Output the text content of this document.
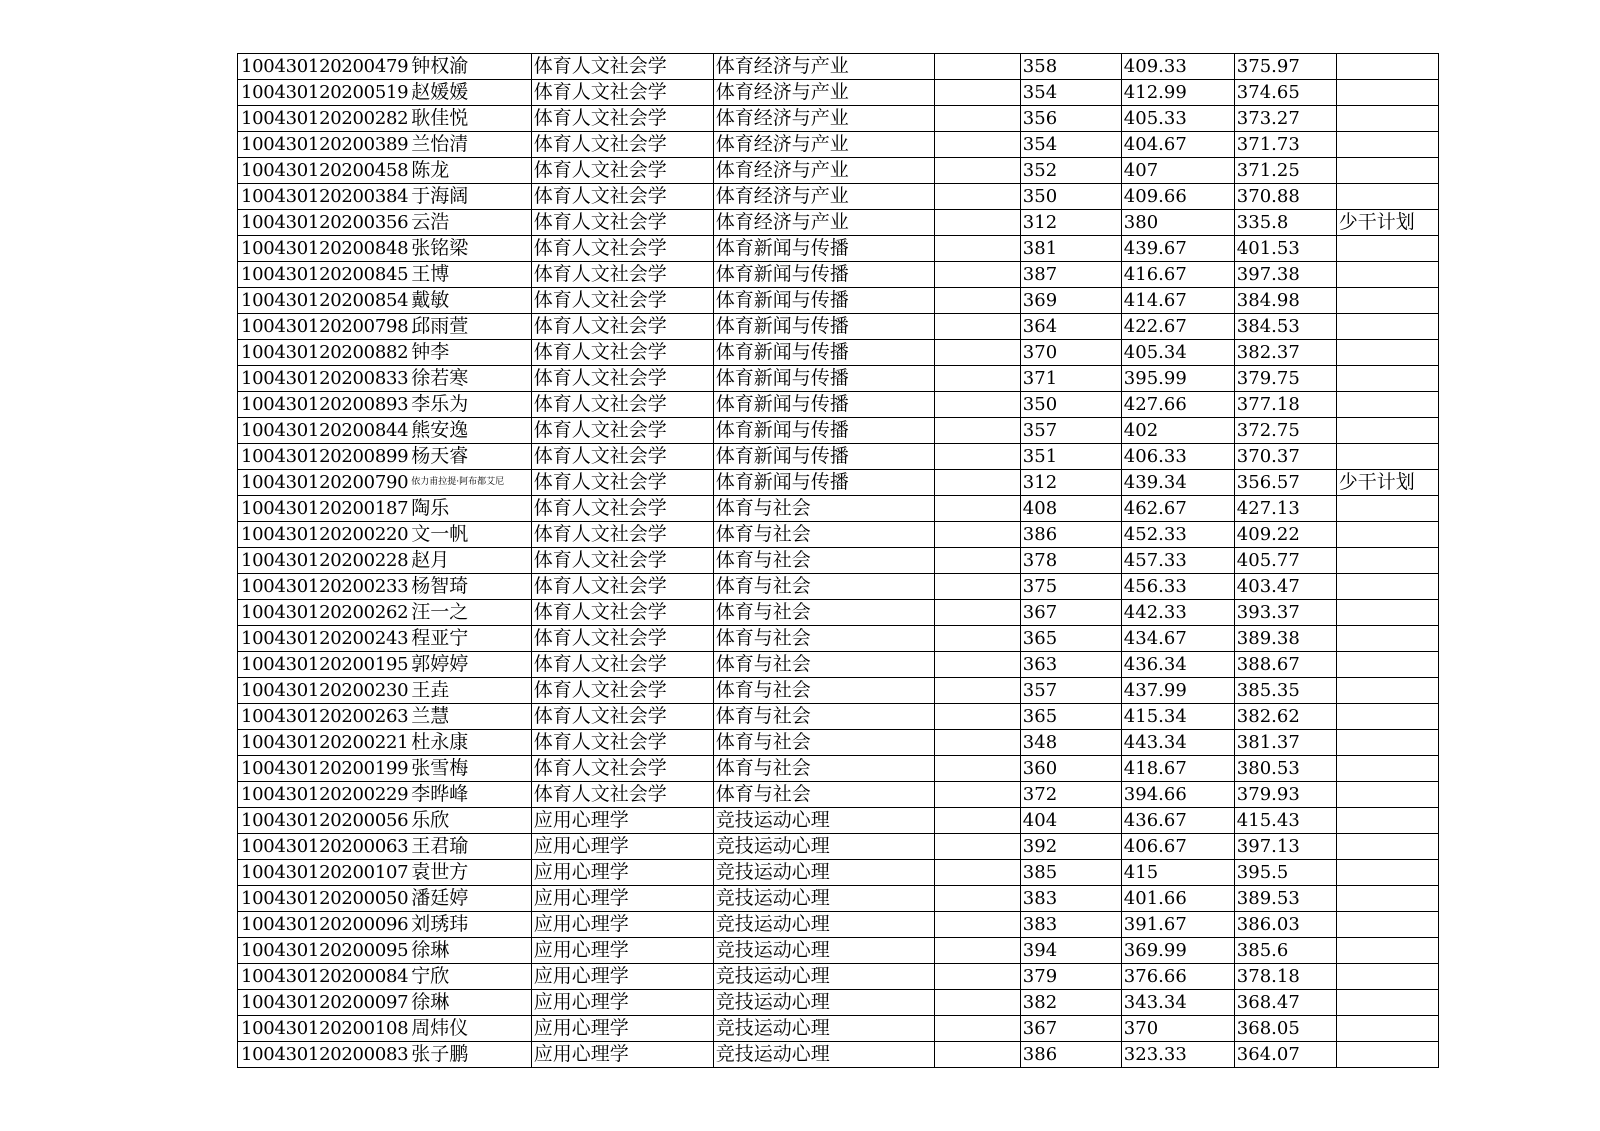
100430120200479	钟权渝	体育人文社会学	体育经济与产业		358	409.33	375.97	
100430120200519	赵媛媛	体育人文社会学	体育经济与产业		354	412.99	374.65	
100430120200282	耿佳悦	体育人文社会学	体育经济与产业		356	405.33	373.27	
100430120200389	兰怡清	体育人文社会学	体育经济与产业		354	404.67	371.73	
100430120200458	陈龙	体育人文社会学	体育经济与产业		352	407	371.25	
100430120200384	于海阔	体育人文社会学	体育经济与产业		350	409.66	370.88	
100430120200356	云浩	体育人文社会学	体育经济与产业		312	380	335.8	少干计划
100430120200848	张铭梁	体育人文社会学	体育新闻与传播		381	439.67	401.53	
100430120200845	王博	体育人文社会学	体育新闻与传播		387	416.67	397.38	
100430120200854	戴敏	体育人文社会学	体育新闻与传播		369	414.67	384.98	
100430120200798	邱雨萱	体育人文社会学	体育新闻与传播		364	422.67	384.53	
100430120200882	钟李	体育人文社会学	体育新闻与传播		370	405.34	382.37	
100430120200833	徐若寒	体育人文社会学	体育新闻与传播		371	395.99	379.75	
100430120200893	李乐为	体育人文社会学	体育新闻与传播		350	427.66	377.18	
100430120200844	熊安逸	体育人文社会学	体育新闻与传播		357	402	372.75	
100430120200899	杨天睿	体育人文社会学	体育新闻与传播		351	406.33	370.37	
100430120200790	依力甫拉提·阿布都艾尼	体育人文社会学	体育新闻与传播		312	439.34	356.57	少干计划
100430120200187	陶乐	体育人文社会学	体育与社会		408	462.67	427.13	
100430120200220	文一帆	体育人文社会学	体育与社会		386	452.33	409.22	
100430120200228	赵月	体育人文社会学	体育与社会		378	457.33	405.77	
100430120200233	杨智琦	体育人文社会学	体育与社会		375	456.33	403.47	
100430120200262	汪一之	体育人文社会学	体育与社会		367	442.33	393.37	
100430120200243	程亚宁	体育人文社会学	体育与社会		365	434.67	389.38	
100430120200195	郭婷婷	体育人文社会学	体育与社会		363	436.34	388.67	
100430120200230	王垚	体育人文社会学	体育与社会		357	437.99	385.35	
100430120200263	兰慧	体育人文社会学	体育与社会		365	415.34	382.62	
100430120200221	杜永康	体育人文社会学	体育与社会		348	443.34	381.37	
100430120200199	张雪梅	体育人文社会学	体育与社会		360	418.67	380.53	
100430120200229	李晔峰	体育人文社会学	体育与社会		372	394.66	379.93	
100430120200056	乐欣	应用心理学	竞技运动心理		404	436.67	415.43	
100430120200063	王君瑜	应用心理学	竞技运动心理		392	406.67	397.13	
100430120200107	袁世方	应用心理学	竞技运动心理		385	415	395.5	
100430120200050	潘廷婷	应用心理学	竞技运动心理		383	401.66	389.53	
100430120200096	刘琇玮	应用心理学	竞技运动心理		383	391.67	386.03	
100430120200095	徐琳	应用心理学	竞技运动心理		394	369.99	385.6	
100430120200084	宁欣	应用心理学	竞技运动心理		379	376.66	378.18	
100430120200097	徐琳	应用心理学	竞技运动心理		382	343.34	368.47	
100430120200108	周炜仪	应用心理学	竞技运动心理		367	370	368.05	
100430120200083	张子鹏	应用心理学	竞技运动心理		386	323.33	364.07	
